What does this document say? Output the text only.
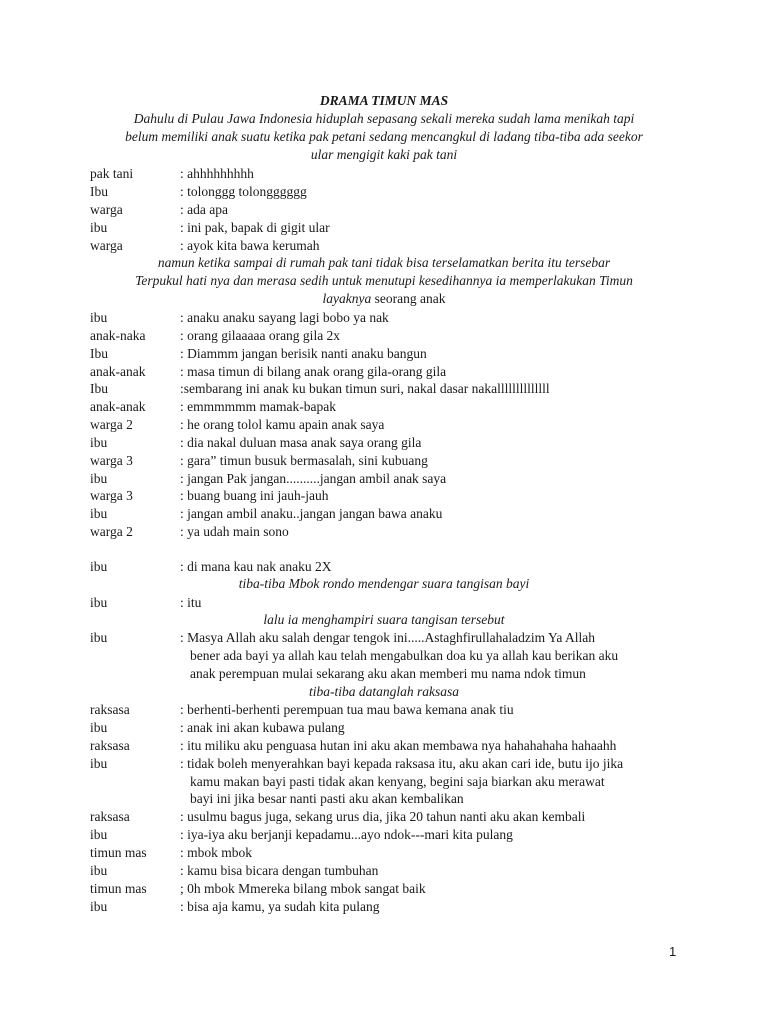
DRAMA TIMUN MAS
Dahulu di Pulau Jawa Indonesia hiduplah sepasang sekali mereka sudah lama menikah tapi
belum memiliki anak suatu ketika pak petani sedang mencangkul di ladang tiba-tiba ada seekor
ular mengigit kaki pak tani
pak tani	: ahhhhhhhhh
Ibu	: tolonggg tolongggggg
warga	: ada apa
ibu	: ini pak, bapak di gigit ular
warga	: ayok kita bawa kerumah
namun ketika sampai di rumah pak tani tidak bisa terselamatkan berita itu tersebar
Terpukul hati nya dan merasa sedih untuk menutupi kesedihannya ia memperlakukan Timun
layaknya seorang anak
ibu	: anaku anaku sayang lagi bobo ya nak
anak-naka	: orang gilaaaaa orang gila 2x
Ibu	: Diammm jangan berisik nanti anaku bangun
anak-anak	: masa timun di bilang anak orang gila-orang gila
Ibu	:sembarang ini anak ku bukan timun suri, nakal dasar nakallllllllllllll
anak-anak	: emmmmmm mamak-bapak
warga 2	: he orang tolol kamu apain anak saya
ibu	: dia nakal duluan masa anak saya orang gila
warga 3	: gara” timun busuk bermasalah, sini kubuang
ibu	: jangan Pak jangan..........jangan ambil anak saya
warga 3	: buang buang ini jauh-jauh
ibu	: jangan ambil anaku..jangan jangan bawa anaku
warga 2	: ya udah main sono
ibu	: di mana kau nak anaku 2X
tiba-tiba Mbok rondo mendengar suara tangisan bayi
ibu	: itu
lalu ia menghampiri suara tangisan tersebut
ibu	: Masya Allah aku salah dengar tengok ini.....Astaghfirullahaladzim Ya Allah
bener ada bayi ya allah kau telah mengabulkan doa ku ya allah kau berikan aku
anak perempuan mulai sekarang aku akan memberi mu nama ndok timun
tiba-tiba datanglah raksasa
raksasa	: berhenti-berhenti perempuan tua mau bawa kemana anak tiu
ibu	: anak ini akan kubawa pulang
raksasa	: itu miliku aku penguasa hutan ini aku akan membawa nya hahahahaha hahaahh
ibu	: tidak boleh menyerahkan bayi kepada raksasa itu, aku akan cari ide, butu ijo jika
kamu makan bayi pasti tidak akan kenyang, begini saja biarkan aku merawat
bayi ini jika besar nanti pasti aku akan kembalikan
raksasa	: usulmu bagus juga, sekang urus dia, jika 20 tahun nanti aku akan kembali
ibu	: iya-iya aku berjanji kepadamu...ayo ndok---mari kita pulang
timun mas : mbok mbok
ibu	: kamu bisa bicara dengan tumbuhan
timun mas ; 0h mbok Mmereka bilang mbok sangat baik
ibu	: bisa aja kamu, ya sudah kita pulang
1
